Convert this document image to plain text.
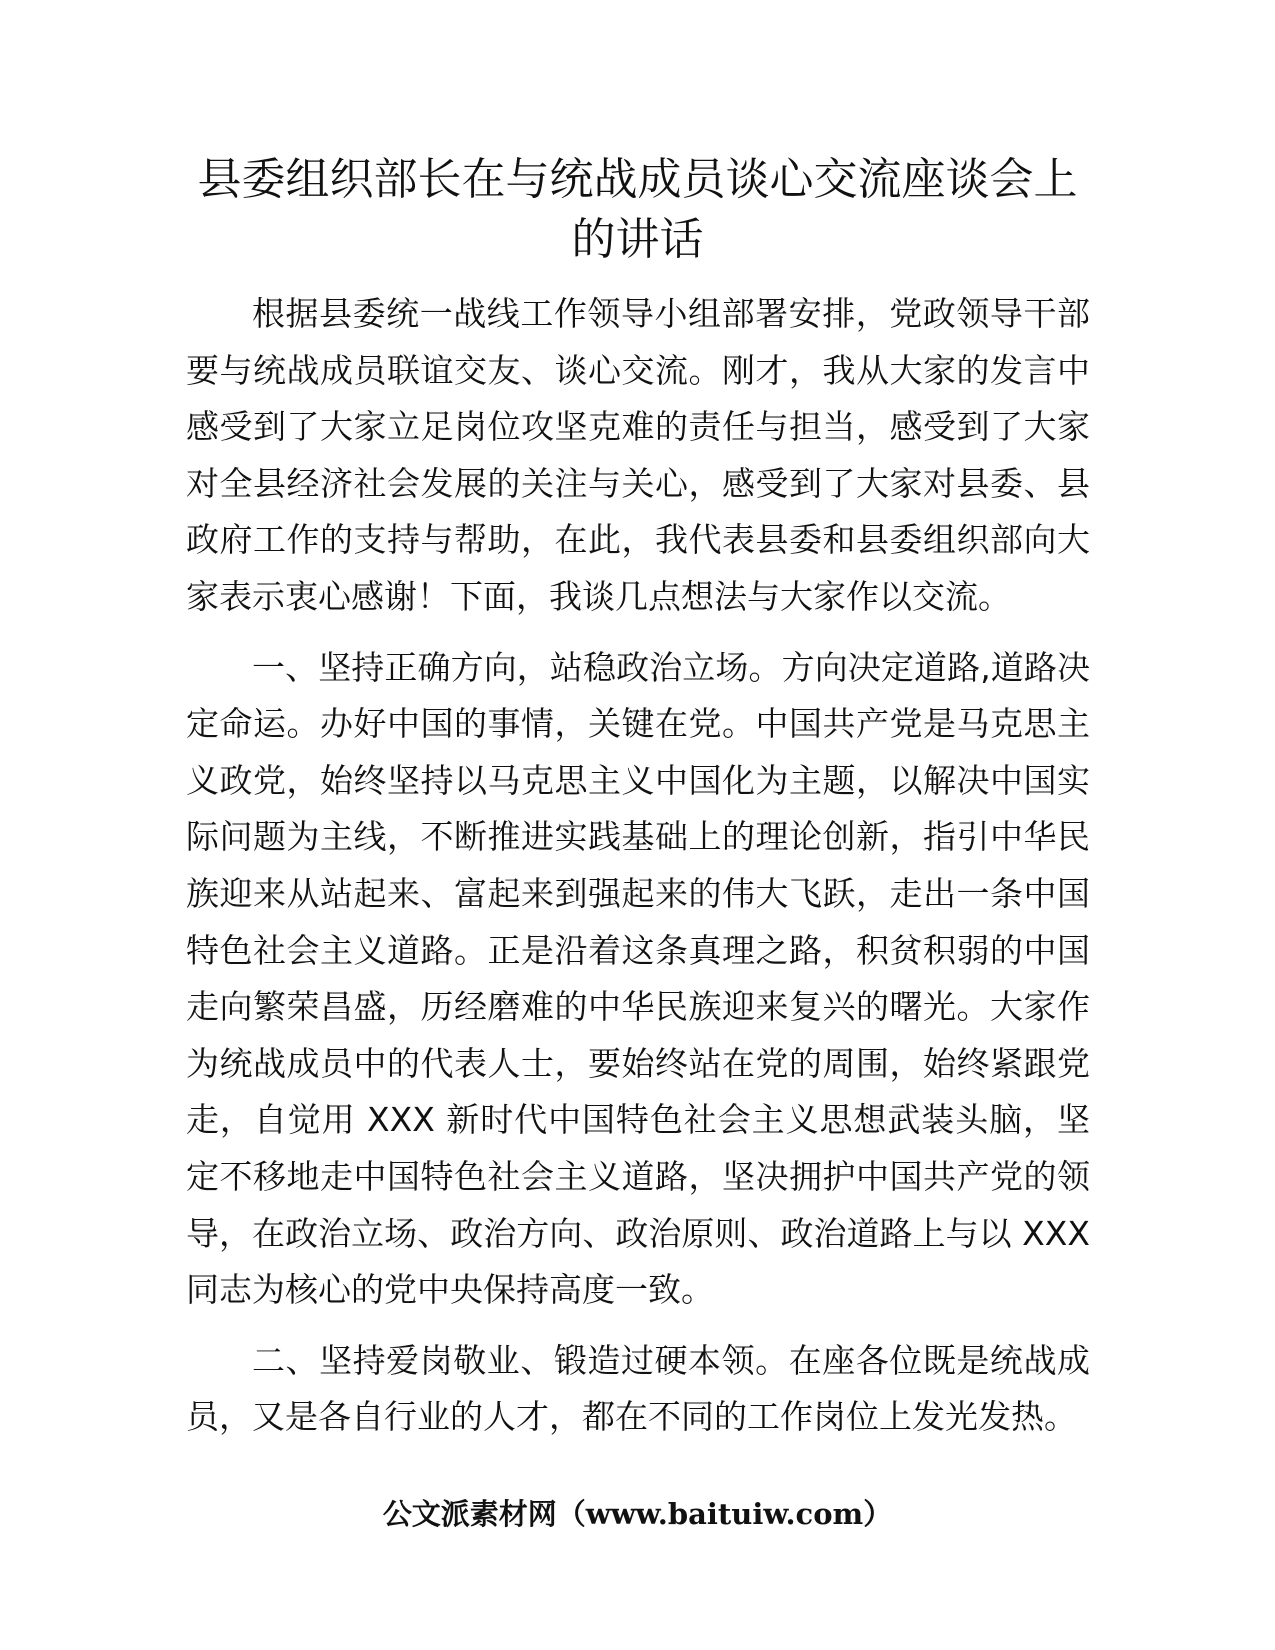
县委组织部长在与统战成员谈心交流座谈会上的讲话

根据县委统一战线工作领导小组部署安排，党政领导干部要与统战成员联谊交友、谈心交流。刚才，我从大家的发言中感受到了大家立足岗位攻坚克难的责任与担当，感受到了大家对全县经济社会发展的关注与关心，感受到了大家对县委、县政府工作的支持与帮助，在此，我代表县委和县委组织部向大家表示衷心感谢！下面，我谈几点想法与大家作以交流。

一、坚持正确方向，站稳政治立场。方向决定道路,道路决定命运。办好中国的事情，关键在党。中国共产党是马克思主义政党，始终坚持以马克思主义中国化为主题，以解决中国实际问题为主线，不断推进实践基础上的理论创新，指引中华民族迎来从站起来、富起来到强起来的伟大飞跃，走出一条中国特色社会主义道路。正是沿着这条真理之路，积贫积弱的中国走向繁荣昌盛，历经磨难的中华民族迎来复兴的曙光。大家作为统战成员中的代表人士，要始终站在党的周围，始终紧跟党走，自觉用 XXX 新时代中国特色社会主义思想武装头脑，坚定不移地走中国特色社会主义道路，坚决拥护中国共产党的领导，在政治立场、政治方向、政治原则、政治道路上与以 XXX 同志为核心的党中央保持高度一致。

二、坚持爱岗敬业、锻造过硬本领。在座各位既是统战成员，又是各自行业的人才，都在不同的工作岗位上发光发热。

公文派素材网（www.baituiw.com）
